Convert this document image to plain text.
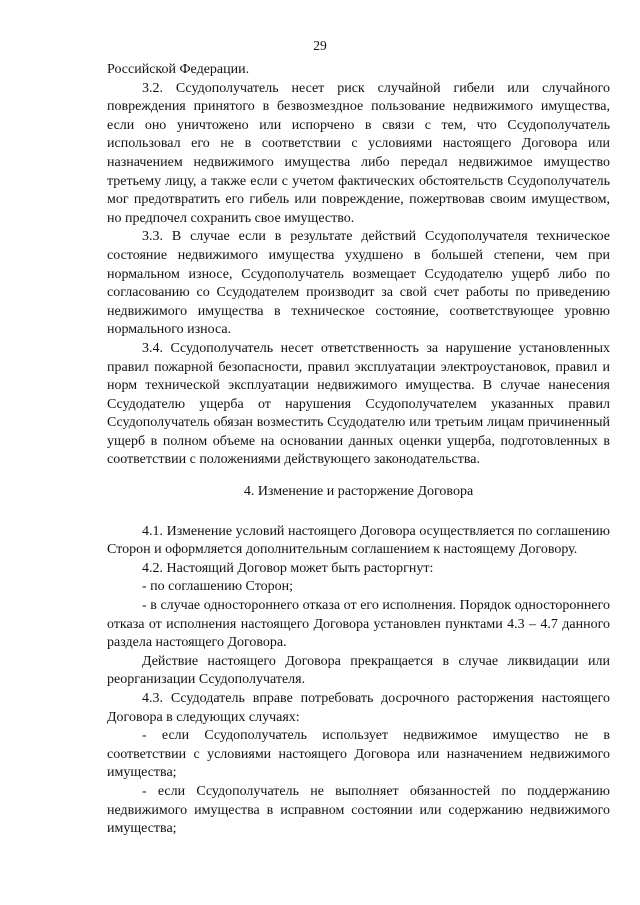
29

Российской Федерации.

3.2. Ссудополучатель несет риск случайной гибели или случайного повреждения принятого в безвозмездное пользование недвижимого имущества, если оно уничтожено или испорчено в связи с тем, что Ссудополучатель использовал его не в соответствии с условиями настоящего Договора или назначением недвижимого имущества либо передал недвижимое имущество третьему лицу, а также если с учетом фактических обстоятельств Ссудополучатель мог предотвратить его гибель или повреждение, пожертвовав своим имуществом, но предпочел сохранить свое имущество.

3.3. В случае если в результате действий Ссудополучателя техническое состояние недвижимого имущества ухудшено в большей степени, чем при нормальном износе, Ссудополучатель возмещает Ссудодателю ущерб либо по согласованию со Ссудодателем производит за свой счет работы по приведению недвижимого имущества в техническое состояние, соответствующее уровню нормального износа.

3.4. Ссудополучатель несет ответственность за нарушение установленных правил пожарной безопасности, правил эксплуатации электроустановок, правил и норм технической эксплуатации недвижимого имущества. В случае нанесения Ссудодателю ущерба от нарушения Ссудополучателем указанных правил Ссудополучатель обязан возместить Ссудодателю или третьим лицам причиненный ущерб в полном объеме на основании данных оценки ущерба, подготовленных в соответствии с положениями действующего законодательства.

4. Изменение и расторжение Договора

4.1. Изменение условий настоящего Договора осуществляется по соглашению Сторон и оформляется дополнительным соглашением к настоящему Договору.

4.2. Настоящий Договор может быть расторгнут:

- по соглашению Сторон;

- в случае одностороннего отказа от его исполнения. Порядок одностороннего отказа от исполнения настоящего Договора установлен пунктами 4.3 – 4.7 данного раздела настоящего Договора.

Действие настоящего Договора прекращается в случае ликвидации или реорганизации Ссудополучателя.

4.3. Ссудодатель вправе потребовать досрочного расторжения настоящего Договора в следующих случаях:

- если Ссудополучатель использует недвижимое имущество не в соответствии с условиями настоящего Договора или назначением недвижимого имущества;

- если Ссудополучатель не выполняет обязанностей по поддержанию недвижимого имущества в исправном состоянии или содержанию недвижимого имущества;
